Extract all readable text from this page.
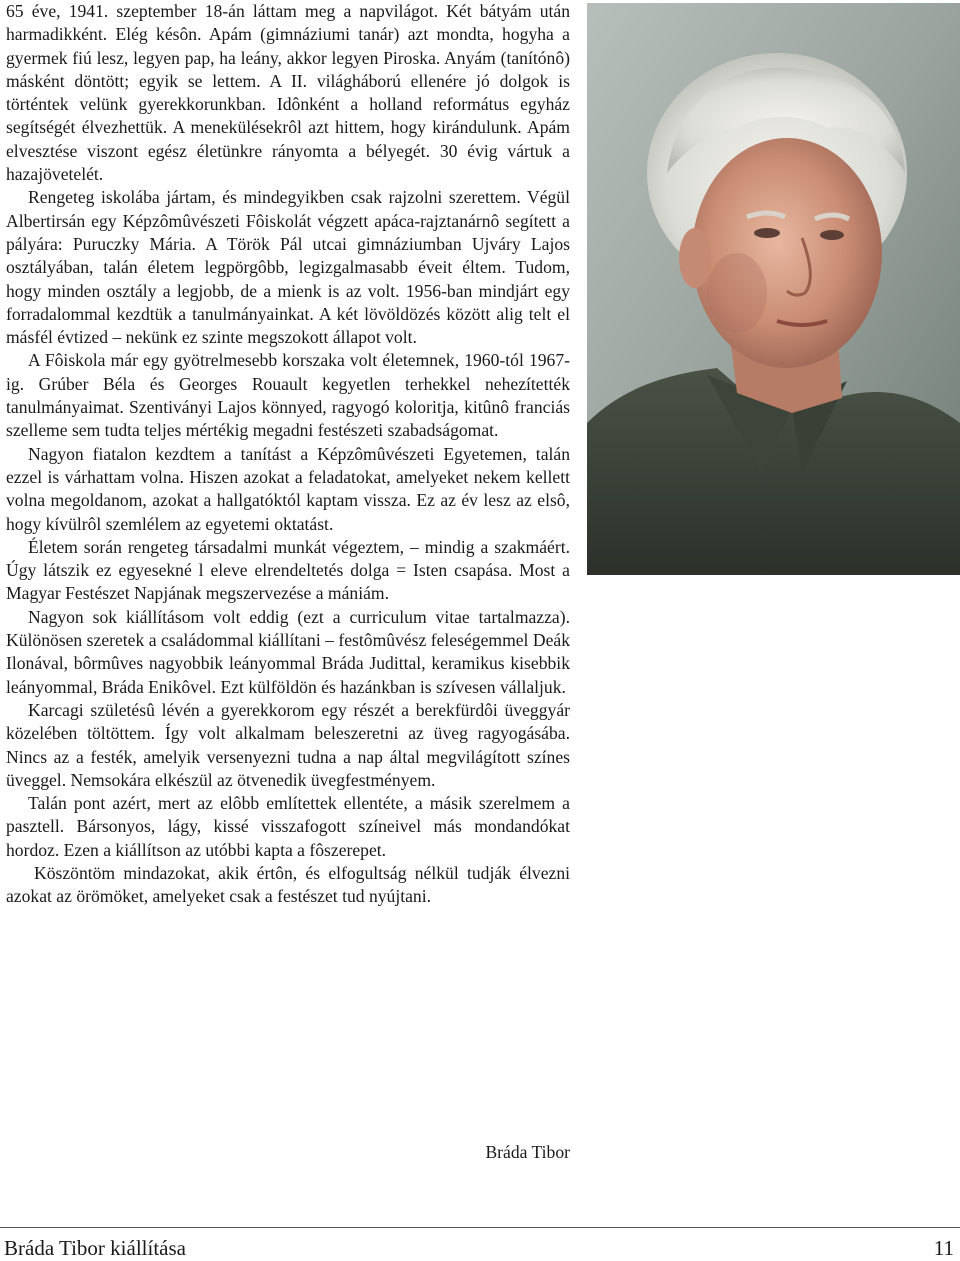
65 éve, 1941. szeptember 18-án láttam meg a napvilágot. Két bátyám után harmadikként. Elég késôn. Apám (gimnáziumi tanár) azt mondta, hogyha a gyermek fiú lesz, legyen pap, ha leány, akkor legyen Piroska. Anyám (tanítónô) másként döntött; egyik se lettem. A II. világháború ellenére jó dolgok is történtek velünk gyerekkorunkban. Idônként a holland református egyház segítségét élvezhettük. A menekülésekrôl azt hittem, hogy kirándulunk. Apám elvesztése viszont egész életünkre rányomta a bélyegét. 30 évig vártuk a hazajövetelét.

Rengeteg iskolába jártam, és mindegyikben csak rajzolni szerettem. Végül Albertirsán egy Képzômûvészeti Fôiskolát végzett apáca-rajztanárnô segített a pályára: Puruczky Mária. A Török Pál utcai gimnáziumban Ujváry Lajos osztályában, talán életem legpörgôbb, legizgalmasabb éveit éltem. Tudom, hogy minden osztály a legjobb, de a mienk is az volt. 1956-ban mindjárt egy forradalommal kezdtük a tanulmányainkat. A két lövöldözés között alig telt el másfél évtized – nekünk ez szinte megszokott állapot volt.

A Fôiskola már egy gyötrelmesebb korszaka volt életemnek, 1960-tól 1967-ig. Grúber Béla és Georges Rouault kegyetlen terhekkel nehezítették tanulmányaimat. Szentiványi Lajos könnyed, ragyogó koloritja, kitûnô franciás szelleme sem tudta teljes mértékig megadni festészeti szabadságomat.

Nagyon fiatalon kezdtem a tanítást a Képzômûvészeti Egyetemen, talán ezzel is várhattam volna. Hiszen azokat a feladatokat, amelyeket nekem kellett volna megoldanom, azokat a hallgatóktól kaptam vissza. Ez az év lesz az elsô, hogy kívülrôl szemlélem az egyetemi oktatást.

Életem során rengeteg társadalmi munkát végeztem, – mindig a szakmáért. Úgy látszik ez egyesekné l eleve elrendeltetés dolga = Isten csapása. Most a Magyar Festészet Napjának megszervezése a mániám.

Nagyon sok kiállításom volt eddig (ezt a curriculum vitae tartalmazza). Különösen szeretek a családommal kiállítani – festômûvész feleségemmel Deák Ilonával, bôrmûves nagyobbik leányommal Bráda Judittal, keramikus kisebbik leányommal, Bráda Enikôvel. Ezt külföldön és hazánkban is szívesen vállaljuk.

Karcagi születésû lévén a gyerekkorom egy részét a berekfürdôi üveggyár közelében töltöttem. Így volt alkalmam beleszeretni az üveg ragyogásába. Nincs az a festék, amelyik versenyezni tudna a nap által megvilágított színes üveggel. Nemsokára elkészül az ötvenedik üvegfestményem.

Talán pont azért, mert az elôbb említettek ellentéte, a másik szerelmem a pasztell. Bársonyos, lágy, kissé visszafogott színeivel más mondandókat hordoz. Ezen a kiállítson az utóbbi kapta a fôszerepet.

Köszöntöm mindazokat, akik értôn, és elfogultság nélkül tudják élvezni azokat az örömöket, amelyeket csak a festészet tud nyújtani.

Bráda Tibor
Bráda Tibor kiállítása	11
